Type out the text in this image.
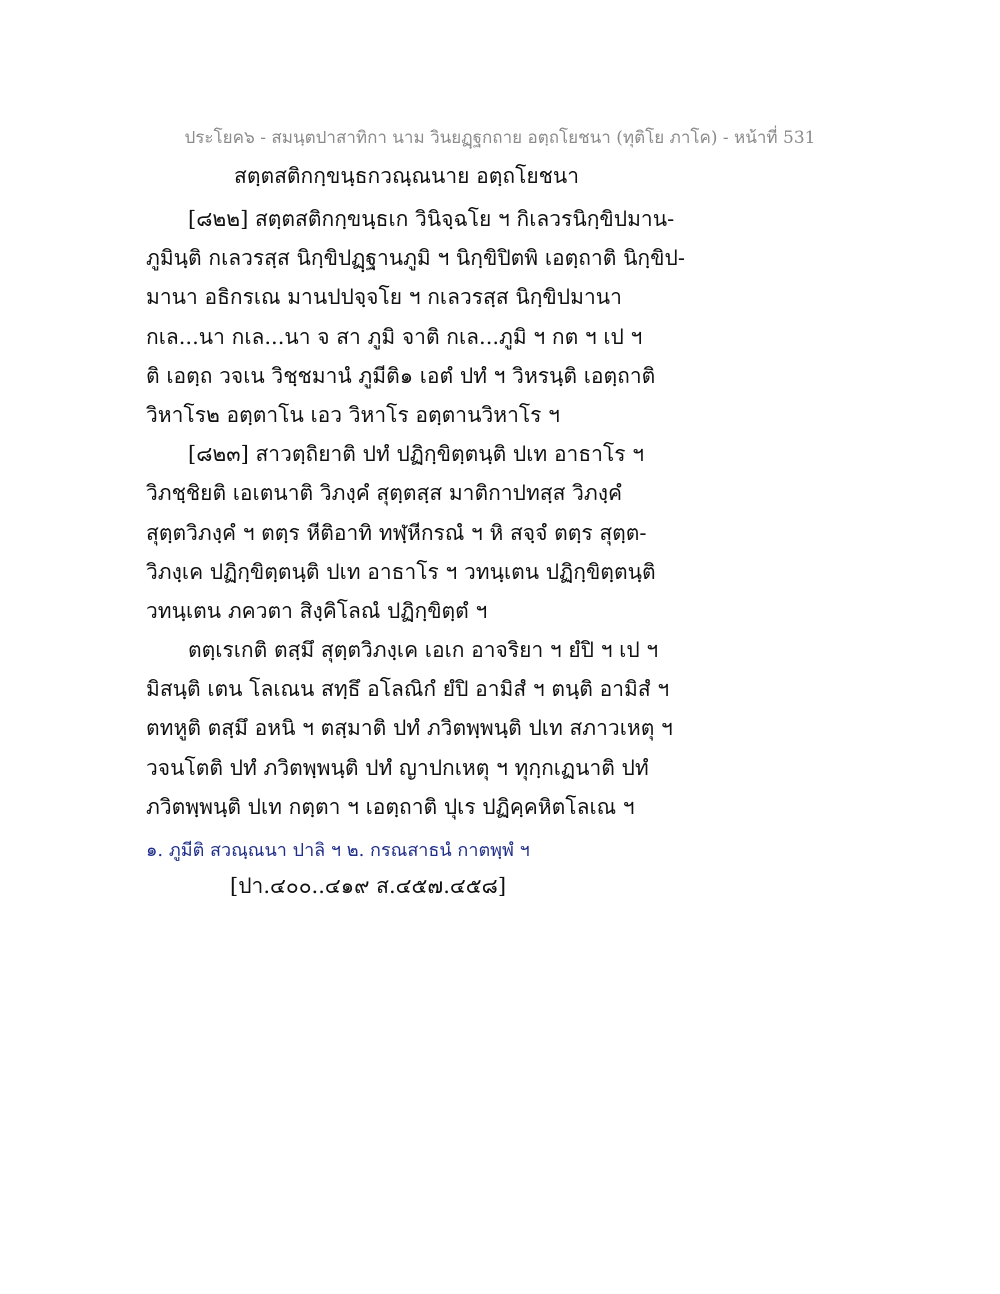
ประโยค๖ - สมนฺตปาสาทิกา นาม วินยฏฺฐกถาย อตฺถโยชนา (ทุติโย ภาโค) - หน้าที่ 531
สตฺตสติกกฺขนฺธกวณฺณนาย อตฺถโยชนา
[๘๒๒] สตฺตสติกกฺขนฺธเก วินิจฺฉโย ฯ กิเลวรนิกฺขิปมาน-
ภูมินฺติ กเลวรสฺส นิกฺขิปฏฺฐานภูมิ ฯ นิกฺขิปิตพิ เอตฺถาติ นิกฺขิป-
มานา อธิกรเณ มานปปจฺจโย ฯ กเลวรสฺส นิกฺขิปมานา
กเล...นา กเล...นา จ สา ภูมิ จาติ กเล...ภูมิ ฯ กต ฯ เป ฯ
ติ เอตฺถ วจเน วิชฺชมานํ ภูมีติ๑ เอตํ ปทํ ฯ วิหรนฺติ เอตฺถาติ
วิหาโร๒ อตฺตาโน เอว วิหาโร อตฺตานวิหาโร ฯ
[๘๒๓] สาวตฺถิยาติ ปทํ ปฏิกฺขิตฺตนฺติ ปเท อาธาโร ฯ
วิภชฺชิยติ เอเตนาติ วิภงฺคํ สุตฺตสฺส มาติกาปทสฺส วิภงฺคํ
สุตฺตวิภงฺคํ ฯ ตตฺร หีติอาทิ ทฬฺหีกรณํ ฯ หิ สจฺจํ ตตฺร สุตฺต-
วิภงฺเค ปฏิกฺขิตฺตนฺติ ปเท อาธาโร ฯ วทนฺเตน ปฏิกฺขิตฺตนฺติ
วทนฺเตน ภควตา สิงฺคิโลณํ ปฏิกฺขิตฺตํ ฯ
ตตฺเรเกติ ตสฺมึ สุตฺตวิภงฺเค เอเก อาจริยา ฯ ยํปิ ฯ เป ฯ
มิสนฺติ เตน โลเณน สทฺธึ อโลณิกํ ยํปิ อามิสํ ฯ ตนฺติ อามิสํ ฯ
ตทหูติ ตสฺมึ อหนิ ฯ ตสฺมาติ ปทํ ภวิตพฺพนฺติ ปเท สภาวเหตุ ฯ
วจนโตติ ปทํ ภวิตพฺพนฺติ ปทํ ญาปกเหตุ ฯ ทุกฺกเฏนาติ ปทํ
ภวิตพฺพนฺติ ปเท กตฺตา ฯ เอตฺถาติ ปุเร ปฏิคฺคหิตโลเณ ฯ
๑. ภูมีติ สวณฺณนา ปาลิ ฯ ๒. กรณสาธนํ กาตพฺพํ ฯ
[ปา.๔๐๐..๔๑๙ ส.๔๕๗.๔๕๘]
